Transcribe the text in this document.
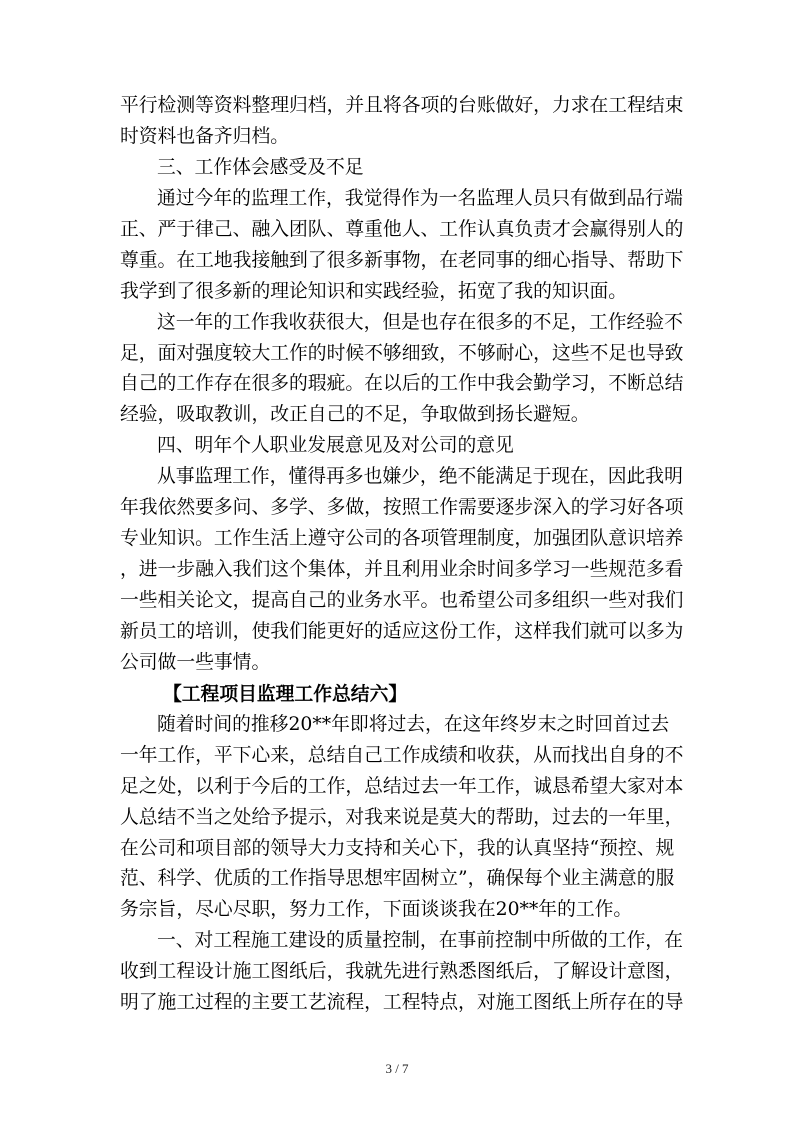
平行检测等资料整理归档，并且将各项的台账做好，力求在工程结束
时资料也备齐归档。
三、工作体会感受及不足
通过今年的监理工作，我觉得作为一名监理人员只有做到品行端
正、严于律己、融入团队、尊重他人、工作认真负责才会赢得别人的
尊重。在工地我接触到了很多新事物，在老同事的细心指导、帮助下
我学到了很多新的理论知识和实践经验，拓宽了我的知识面。
这一年的工作我收获很大，但是也存在很多的不足，工作经验不
足，面对强度较大工作的时候不够细致，不够耐心，这些不足也导致
自己的工作存在很多的瑕疵。在以后的工作中我会勤学习，不断总结
经验，吸取教训，改正自己的不足，争取做到扬长避短。
四、明年个人职业发展意见及对公司的意见
从事监理工作，懂得再多也嫌少，绝不能满足于现在，因此我明
年我依然要多问、多学、多做，按照工作需要逐步深入的学习好各项
专业知识。工作生活上遵守公司的各项管理制度，加强团队意识培养
，进一步融入我们这个集体，并且利用业余时间多学习一些规范多看
一些相关论文，提高自己的业务水平。也希望公司多组织一些对我们
新员工的培训，使我们能更好的适应这份工作，这样我们就可以多为
公司做一些事情。
【工程项目监理工作总结六】
随着时间的推移20**年即将过去，在这年终岁末之时回首过去
一年工作，平下心来，总结自己工作成绩和收获，从而找出自身的不
足之处，以利于今后的工作，总结过去一年工作，诚恳希望大家对本
人总结不当之处给予提示，对我来说是莫大的帮助，过去的一年里，
在公司和项目部的领导大力支持和关心下，我的认真坚持“预控、规
范、科学、优质的工作指导思想牢固树立”，确保每个业主满意的服
务宗旨，尽心尽职，努力工作，下面谈谈我在20**年的工作。
一、对工程施工建设的质量控制，在事前控制中所做的工作，在
收到工程设计施工图纸后，我就先进行熟悉图纸后，了解设计意图，
明了施工过程的主要工艺流程，工程特点，对施工图纸上所存在的导
3 / 7
